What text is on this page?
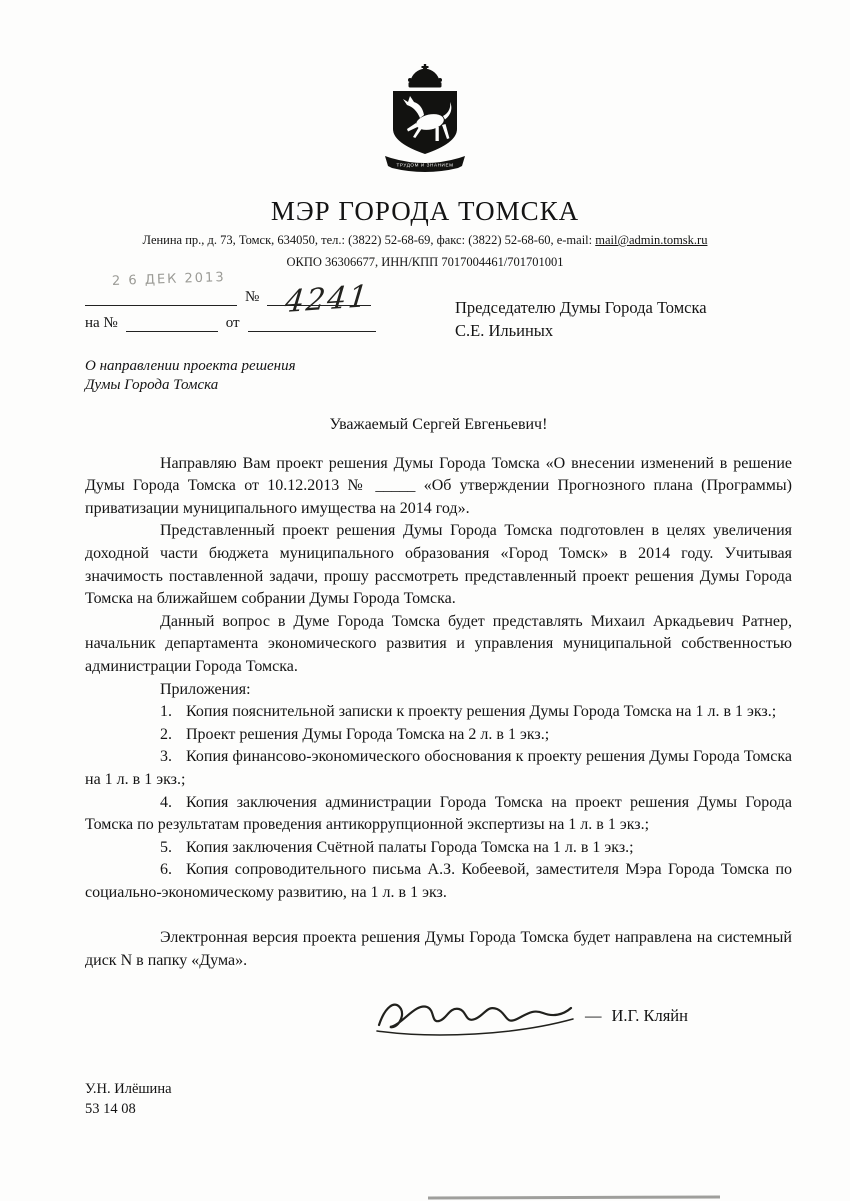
ТРУДОМ И ЗНАНИЕМ
МЭР ГОРОДА ТОМСКА
Ленина пр., д. 73, Томск, 634050, тел.: (3822) 52-68-69, факс: (3822) 52-68-60, e-mail: mail@admin.tomsk.ru
ОКПО 36306677, ИНН/КПП 7017004461/701701001
2 6 ДЕК 2013
№ 4241
на №	от
Председателю Думы Города Томска
С.Е. Ильиных
О направлении проекта решения
Думы Города Томска

Уважаемый Сергей Евгеньевич!

Направляю Вам проект решения Думы Города Томска «О внесении изменений в решение Думы Города Томска от 10.12.2013 № _____ «Об утверждении Прогнозного плана (Программы) приватизации муниципального имущества на 2014 год».

Представленный проект решения Думы Города Томска подготовлен в целях увеличения доходной части бюджета муниципального образования «Город Томск» в 2014 году. Учитывая значимость поставленной задачи, прошу рассмотреть представленный проект решения Думы Города Томска на ближайшем собрании Думы Города Томска.

Данный вопрос в Думе Города Томска будет представлять Михаил Аркадьевич Ратнер, начальник департамента экономического развития и управления муниципальной собственностью администрации Города Томска.

Приложения:

1. Копия пояснительной записки к проекту решения Думы Города Томска на 1 л. в 1 экз.;

2. Проект решения Думы Города Томска на 2 л. в 1 экз.;

3. Копия финансово-экономического обоснования к проекту решения Думы Города Томска на 1 л. в 1 экз.;

4. Копия заключения администрации Города Томска на проект решения Думы Города Томска по результатам проведения антикоррупционной экспертизы на 1 л. в 1 экз.;

5. Копия заключения Счётной палаты Города Томска на 1 л. в 1 экз.;

6. Копия сопроводительного письма А.З. Кобеевой, заместителя Мэра Города Томска по социально-экономическому развитию, на 1 л. в 1 экз.

Электронная версия проекта решения Думы Города Томска будет направлена на системный диск N в папку «Дума».

— И.Г. Кляйн
У.Н. Илёшина
53 14 08
